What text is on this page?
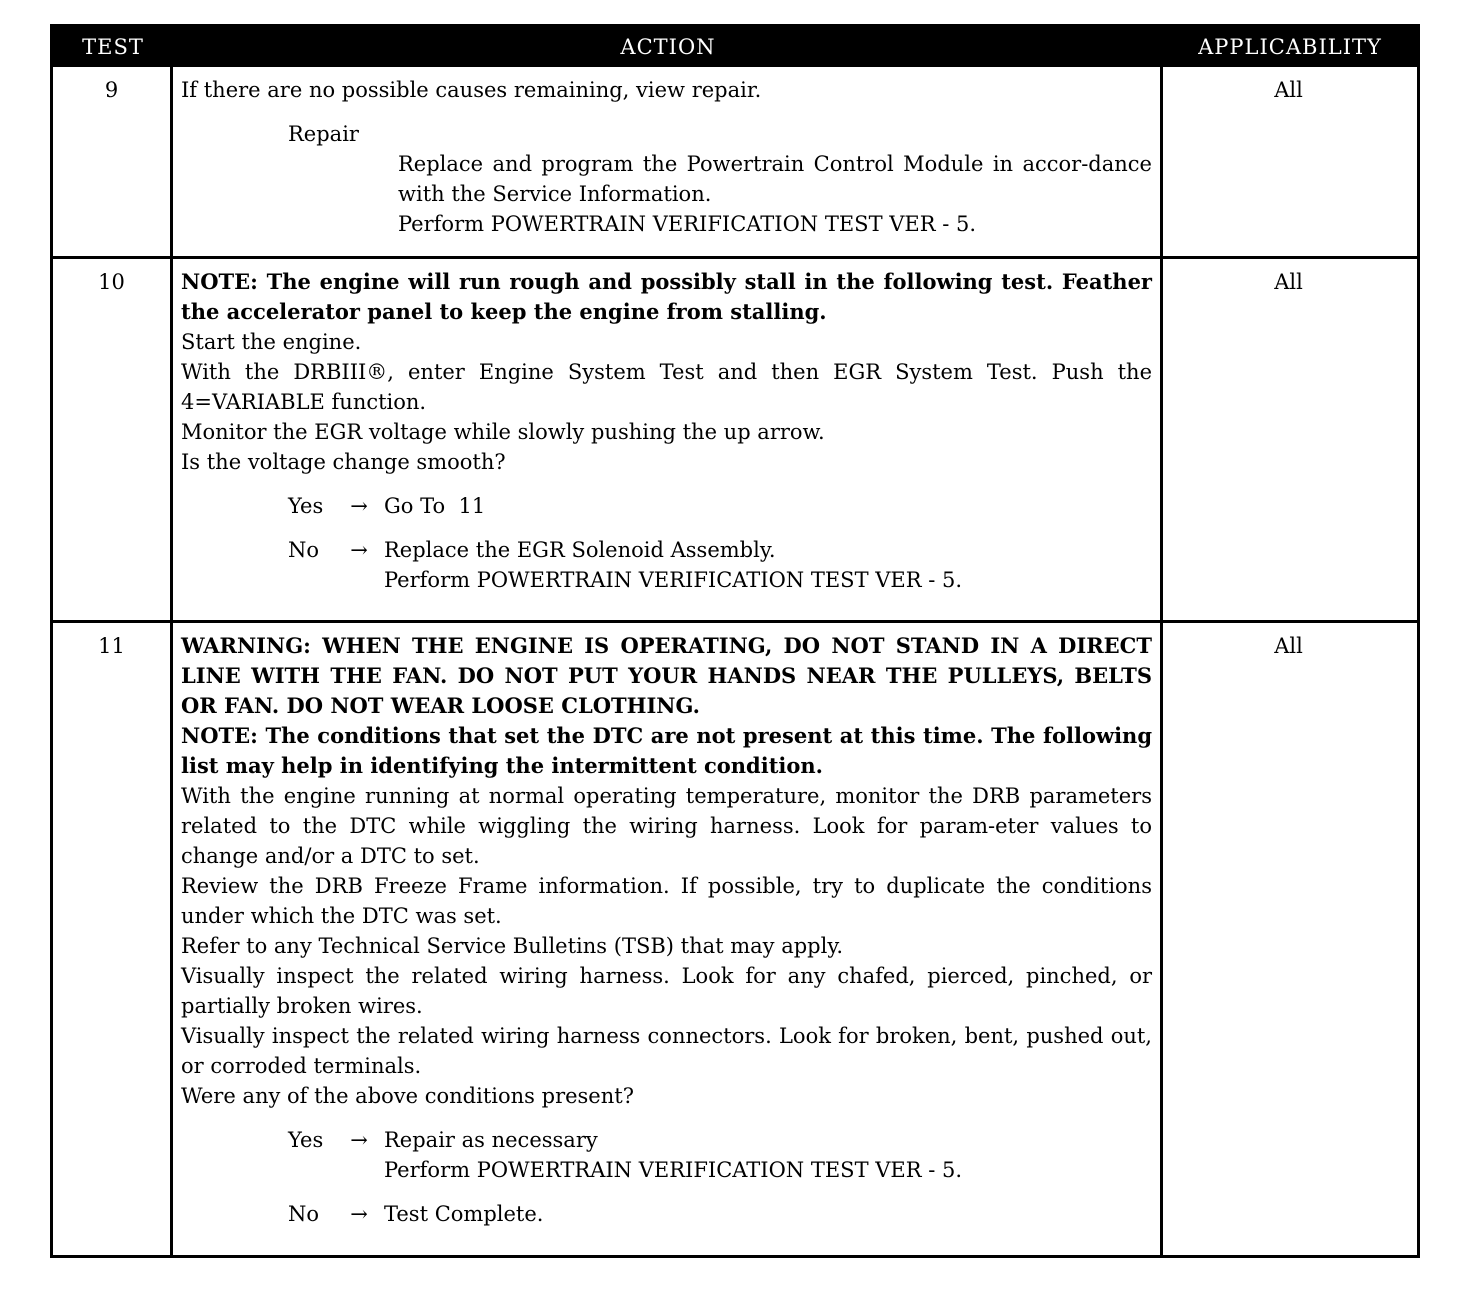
TEST	ACTION	APPLICABILITY
9	If there are no possible causes remaining, view repair.
Repair
Replace and program the Powertrain Control Module in accor-dance with the Service Information.
Perform POWERTRAIN VERIFICATION TEST VER - 5.
All
10	NOTE: The engine will run rough and possibly stall in the following test. Feather the accelerator panel to keep the engine from stalling.
Start the engine.
With the DRBIII®, enter Engine System Test and then EGR System Test. Push the 4=VARIABLE function.
Monitor the EGR voltage while slowly pushing the up arrow.
Is the voltage change smooth?
Yes	→ Go To  11
No	→ Replace the EGR Solenoid Assembly.
Perform POWERTRAIN VERIFICATION TEST VER - 5.
All
11	WARNING: WHEN THE ENGINE IS OPERATING, DO NOT STAND IN A DIRECT LINE WITH THE FAN. DO NOT PUT YOUR HANDS NEAR THE PULLEYS, BELTS OR FAN. DO NOT WEAR LOOSE CLOTHING.
NOTE: The conditions that set the DTC are not present at this time. The following list may help in identifying the intermittent condition.
With the engine running at normal operating temperature, monitor the DRB parameters related to the DTC while wiggling the wiring harness. Look for param-eter values to change and/or a DTC to set.
Review the DRB Freeze Frame information. If possible, try to duplicate the conditions under which the DTC was set.
Refer to any Technical Service Bulletins (TSB) that may apply.
Visually inspect the related wiring harness. Look for any chafed, pierced, pinched, or partially broken wires.
Visually inspect the related wiring harness connectors. Look for broken, bent, pushed out, or corroded terminals.
Were any of the above conditions present?
Yes	→ Repair as necessary
Perform POWERTRAIN VERIFICATION TEST VER - 5.
No	→ Test Complete.
All
